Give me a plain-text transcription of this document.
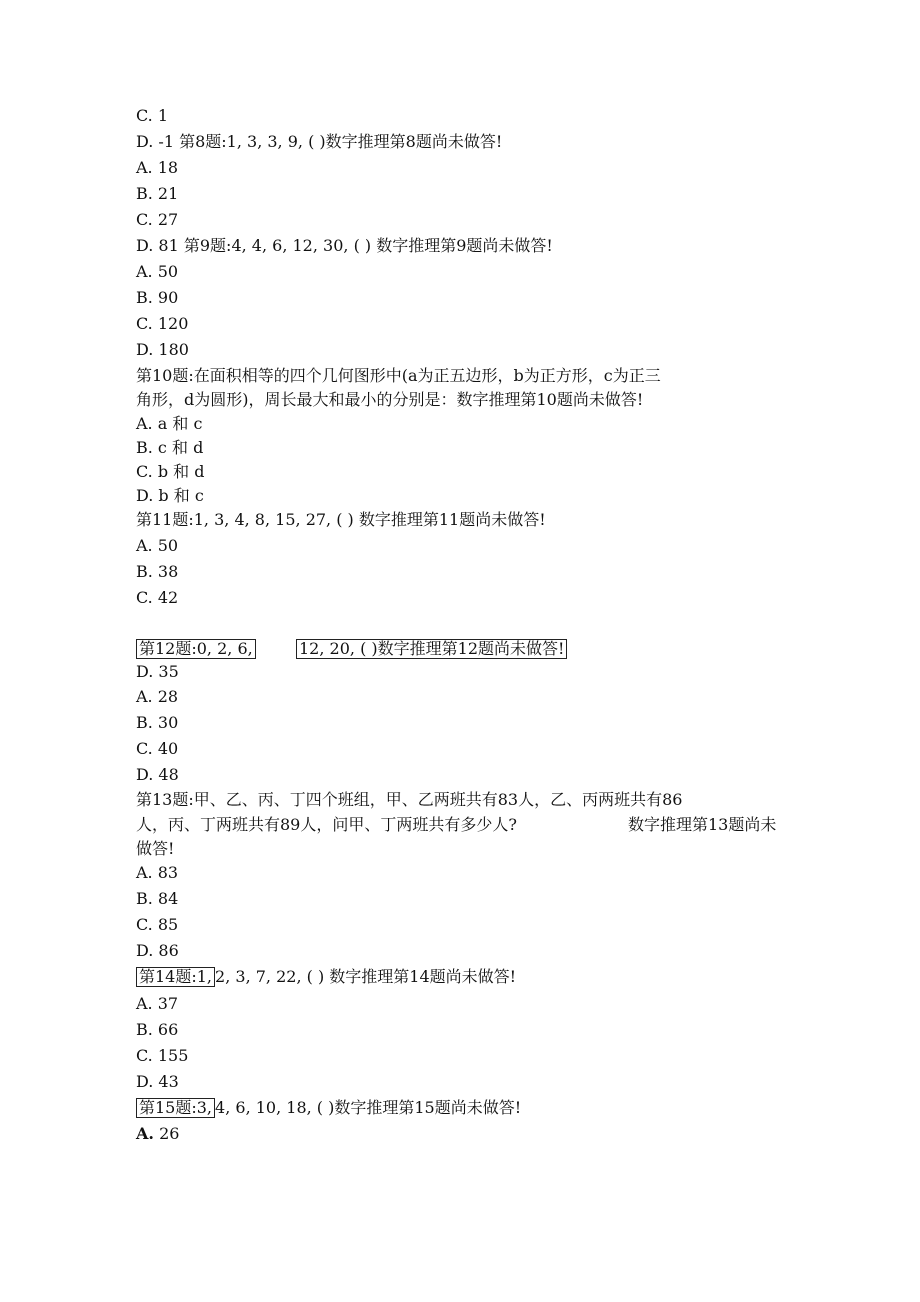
C. 1
D. -1 第8题:1, 3, 3, 9, ( )数字推理第8题尚未做答!
A. 18
B. 21
C. 27
D. 81 第9题:4, 4, 6, 12, 30, ( ) 数字推理第9题尚未做答!
A. 50
B. 90
C. 120
D. 180
第10题:在面积相等的四个几何图形中(a为正五边形，b为正方形，c为正三
角形，d为圆形)，周长最大和最小的分别是：数字推理第10题尚未做答!
A. a 和 c
B. c 和 d
C. b 和 d
D. b 和 c
第11题:1, 3, 4, 8, 15, 27, ( ) 数字推理第11题尚未做答!
A. 50
B. 38
C. 42
第12题:0, 2, 6,	12, 20, ( )数字推理第12题尚未做答!
D. 35
A. 28
B. 30
C. 40
D. 48
第13题:甲、乙、丙、丁四个班组，甲、乙两班共有83人，乙、丙两班共有86
人，丙、丁两班共有89人，问甲、丁两班共有多少人?	数字推理第13题尚未
做答!
A. 83
B. 84
C. 85
D. 86
第14题:1, 2, 3, 7, 22, ( ) 数字推理第14题尚未做答!
A. 37
B. 66
C. 155
D. 43
第15题:3, 4, 6, 10, 18, ( )数字推理第15题尚未做答!
A. 26
